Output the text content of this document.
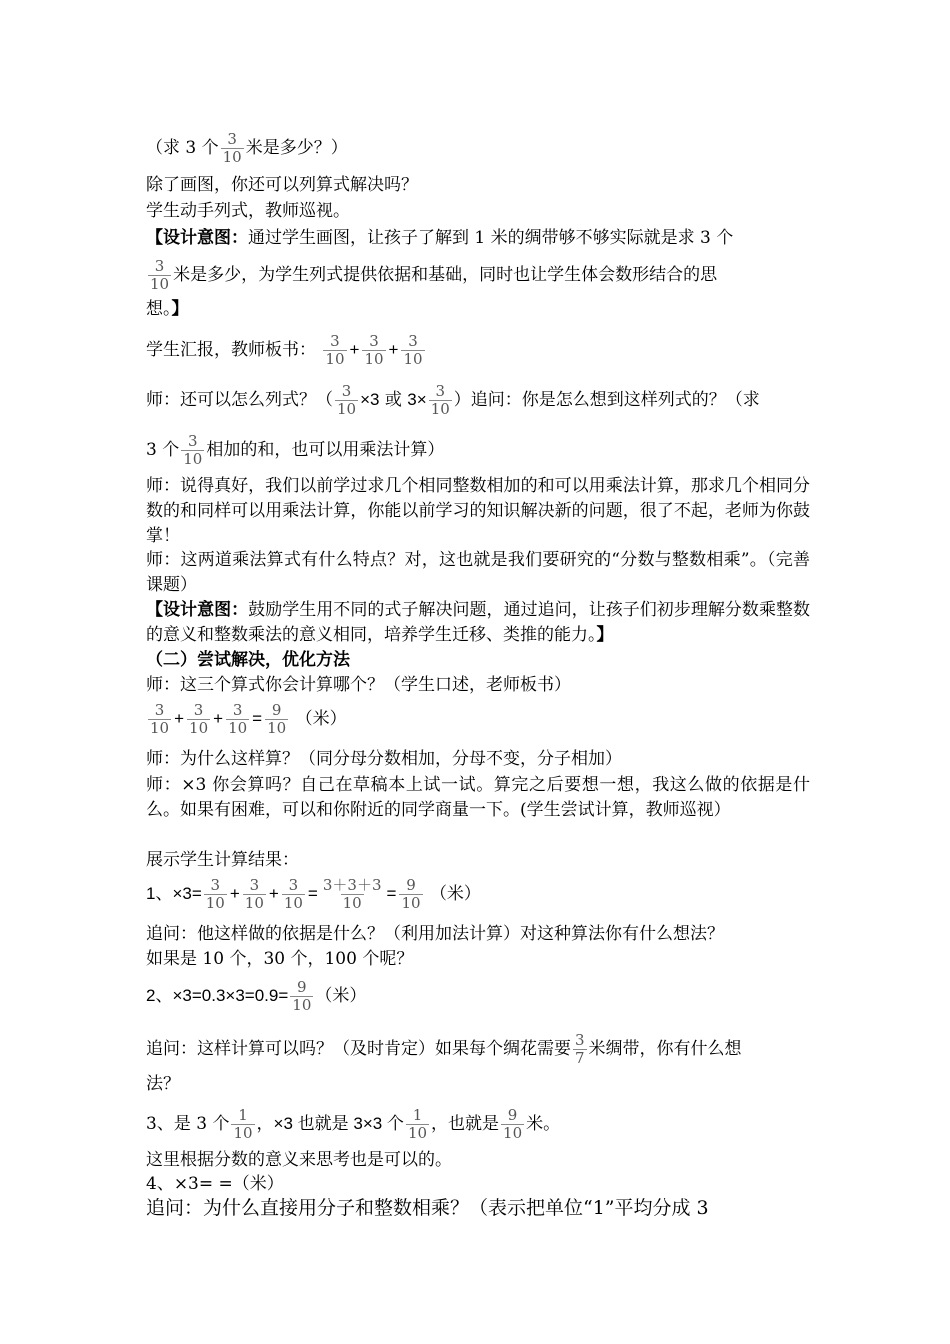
（求 3 个 $\frac{3}{10}$ 米是多少？）

除了画图，你还可以列算式解决吗？

学生动手列式，教师巡视。

【设计意图：通过学生画图，让孩子了解到 1 米的绸带够不够实际就是求 3 个

$\frac{3}{10}$ 米是多少，为学生列式提供依据和基础，同时也让学生体会数形结合的思

想。】

学生汇报，教师板书： $\frac{3}{10} + \frac{3}{10} + \frac{3}{10}$

师：还可以怎么列式？（ $\frac{3}{10} \times 3$ 或 $3\times \frac{3}{10}$ ）追问：你是怎么想到这样列式的？（求

3 个 $\frac{3}{10}$ 相加的和，也可以用乘法计算）

师：说得真好，我们以前学过求几个相同整数相加的和可以用乘法计算，那求几个相同分数的和同样可以用乘法计算，你能以前学习的知识解决新的问题，很了不起，老师为你鼓掌！

师：这两道乘法算式有什么特点？对，这也就是我们要研究的“分数与整数相乘”。（完善课题）

【设计意图：鼓励学生用不同的式子解决问题，通过追问，让孩子们初步理解分数乘整数的意义和整数乘法的意义相同，培养学生迁移、类推的能力。】

（二）尝试解决，优化方法

师：这三个算式你会计算哪个？（学生口述，老师板书）

$\frac{3}{10} + \frac{3}{10} + \frac{3}{10} = \frac{9}{10}$ （米）

师：为什么这样算？（同分母分数相加，分母不变，分子相加）

师：×3 你会算吗？自己在草稿本上试一试。算完之后要想一想，我这么做的依据是什么。如果有困难，可以和你附近的同学商量一下。(学生尝试计算，教师巡视）

展示学生计算结果：

1、$\times 3= \frac{3}{10} + \frac{3}{10} + \frac{3}{10} = \frac{3+3+3}{10} = \frac{9}{10}$ （米）

追问：他这样做的依据是什么？（利用加法计算）对这种算法你有什么想法？

如果是 10 个，30 个，100 个呢？

2、$\times 3=0.3\times 3=0.9= \frac{9}{10}$ （米）

追问：这样计算可以吗？（及时肯定）如果每个绸花需要 $\frac{3}{7}$ 米绸带，你有什么想

法？

3、是 3 个 $\frac{1}{10}$ ，×3 也就是 3×3 个 $\frac{1}{10}$ ，也就是 $\frac{9}{10}$ 米。

这里根据分数的意义来思考也是可以的。

4、×3= =（米）

追问：为什么直接用分子和整数相乘？（表示把单位“1”平均分成 3
